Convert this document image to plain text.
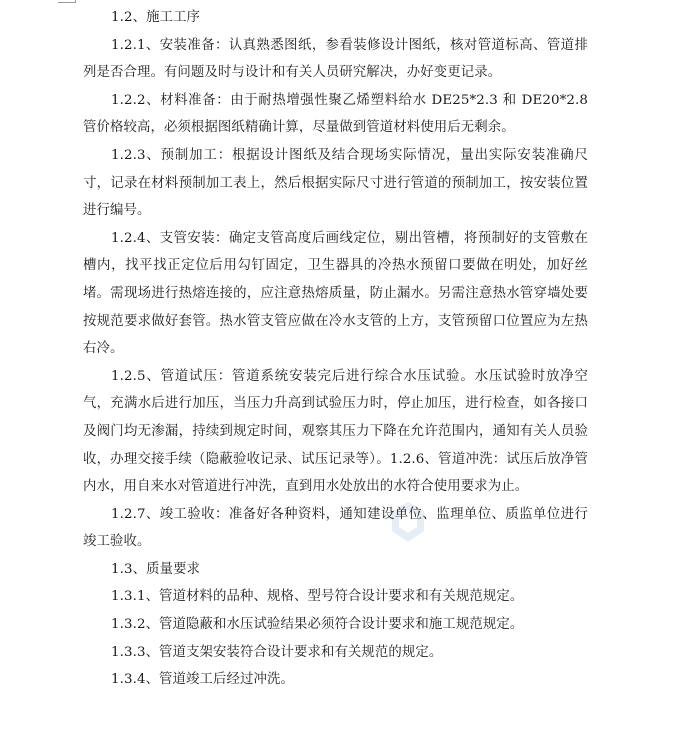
1.2、施工工序

1.2.1、安装准备：认真熟悉图纸，参看装修设计图纸，核对管道标高、管道排列是否合理。有问题及时与设计和有关人员研究解决，办好变更记录。

1.2.2、材料准备：由于耐热增强性聚乙烯塑料给水 DE25*2.3 和 DE20*2.8 管价格较高，必须根据图纸精确计算，尽量做到管道材料使用后无剩余。

1.2.3、预制加工：根据设计图纸及结合现场实际情况，量出实际安装准确尺寸，记录在材料预制加工表上，然后根据实际尺寸进行管道的预制加工，按安装位置进行编号。

1.2.4、支管安装：确定支管高度后画线定位，剔出管槽，将预制好的支管敷在槽内，找平找正定位后用勾钉固定，卫生器具的冷热水预留口要做在明处，加好丝堵。需现场进行热熔连接的，应注意热熔质量，防止漏水。另需注意热水管穿墙处要按规范要求做好套管。热水管支管应做在冷水支管的上方，支管预留口位置应为左热右冷。

1.2.5、管道试压：管道系统安装完后进行综合水压试验。水压试验时放净空气，充满水后进行加压，当压力升高到试验压力时，停止加压，进行检查，如各接口及阀门均无渗漏，持续到规定时间，观察其压力下降在允许范围内，通知有关人员验收，办理交接手续（隐蔽验收记录、试压记录等）。1.2.6、管道冲洗：试压后放净管内水，用自来水对管道进行冲洗，直到用水处放出的水符合使用要求为止。

1.2.7、竣工验收：准备好各种资料，通知建设单位、监理单位、质监单位进行竣工验收。

1.3、质量要求

1.3.1、管道材料的品种、规格、型号符合设计要求和有关规范规定。

1.3.2、管道隐蔽和水压试验结果必须符合设计要求和施工规范规定。

1.3.3、管道支架安装符合设计要求和有关规范的规定。

1.3.4、管道竣工后经过冲洗。
